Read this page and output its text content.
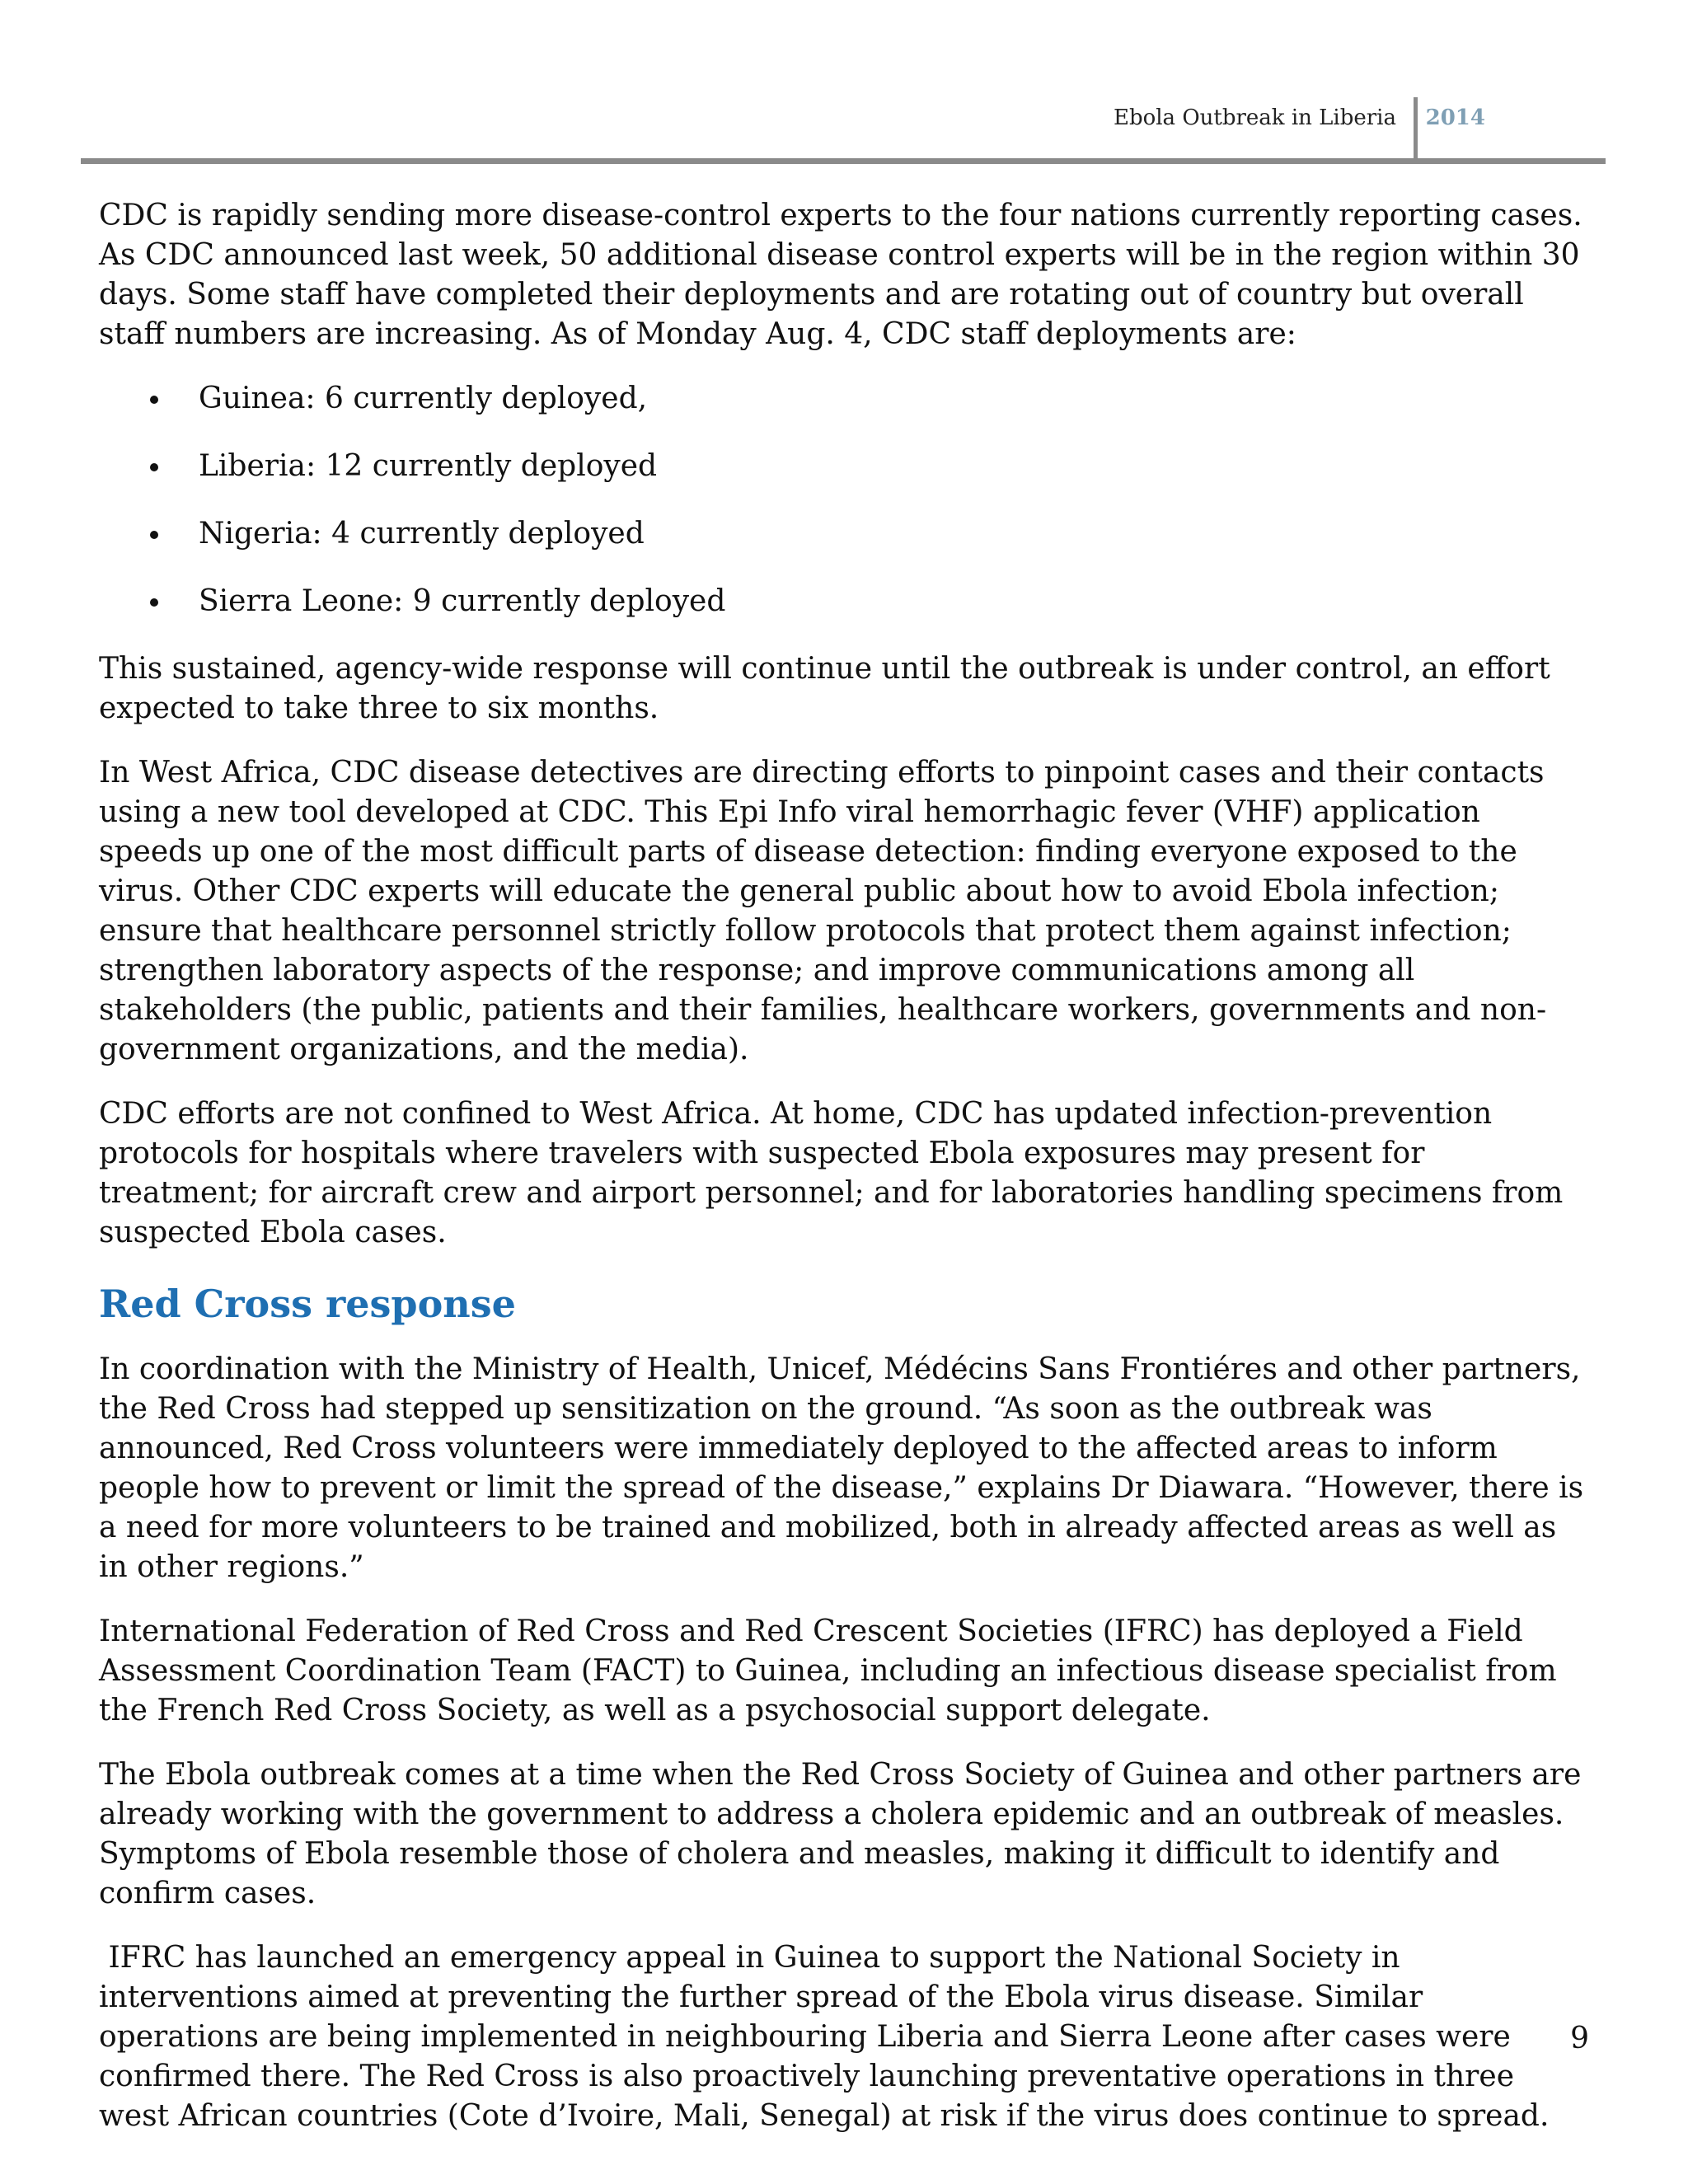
Ebola Outbreak in Liberia 2014

CDC is rapidly sending more disease-control experts to the four nations currently reporting cases. As CDC announced last week, 50 additional disease control experts will be in the region within 30 days. Some staff have completed their deployments and are rotating out of country but overall staff numbers are increasing. As of Monday Aug. 4, CDC staff deployments are:

Guinea: 6 currently deployed,
Liberia: 12 currently deployed
Nigeria: 4 currently deployed
Sierra Leone: 9 currently deployed

This sustained, agency-wide response will continue until the outbreak is under control, an effort expected to take three to six months.

In West Africa, CDC disease detectives are directing efforts to pinpoint cases and their contacts using a new tool developed at CDC. This Epi Info viral hemorrhagic fever (VHF) application speeds up one of the most difficult parts of disease detection: finding everyone exposed to the virus. Other CDC experts will educate the general public about how to avoid Ebola infection; ensure that healthcare personnel strictly follow protocols that protect them against infection; strengthen laboratory aspects of the response; and improve communications among all stakeholders (the public, patients and their families, healthcare workers, governments and non-government organizations, and the media).

CDC efforts are not confined to West Africa. At home, CDC has updated infection-prevention protocols for hospitals where travelers with suspected Ebola exposures may present for treatment; for aircraft crew and airport personnel; and for laboratories handling specimens from suspected Ebola cases.

Red Cross response

In coordination with the Ministry of Health, Unicef, Médécins Sans Frontiéres and other partners, the Red Cross had stepped up sensitization on the ground. “As soon as the outbreak was announced, Red Cross volunteers were immediately deployed to the affected areas to inform people how to prevent or limit the spread of the disease,” explains Dr Diawara. “However, there is a need for more volunteers to be trained and mobilized, both in already affected areas as well as in other regions.”

International Federation of Red Cross and Red Crescent Societies (IFRC) has deployed a Field Assessment Coordination Team (FACT) to Guinea, including an infectious disease specialist from the French Red Cross Society, as well as a psychosocial support delegate.

The Ebola outbreak comes at a time when the Red Cross Society of Guinea and other partners are already working with the government to address a cholera epidemic and an outbreak of measles. Symptoms of Ebola resemble those of cholera and measles, making it difficult to identify and confirm cases.

IFRC has launched an emergency appeal in Guinea to support the National Society in interventions aimed at preventing the further spread of the Ebola virus disease. Similar operations are being implemented in neighbouring Liberia and Sierra Leone after cases were confirmed there. The Red Cross is also proactively launching preventative operations in three west African countries (Cote d’Ivoire, Mali, Senegal) at risk if the virus does continue to spread.

9
